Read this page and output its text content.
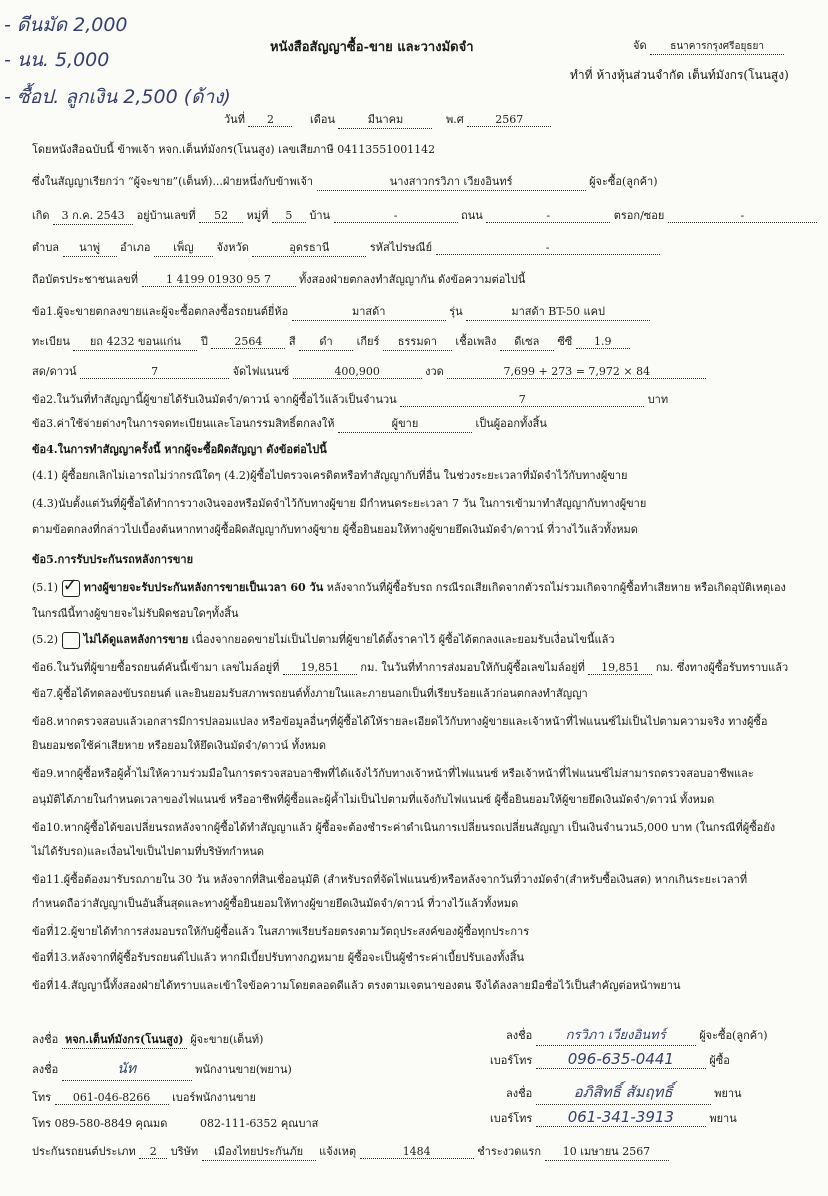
- ดีนมัด 2,000
- นน. 5,000
- ซื้อป. ลูกเงิน 2,500 (ด้าง)
หนังสือสัญญาซื้อ-ขาย และวางมัดจำ	จัด ธนาคารกรุงศรีอยุธยา
ทำที่ ห้างหุ้นส่วนจำกัด เต็นท์มังกร(โนนสูง)
วันที่ 2	เดือน	มีนาคม	พ.ศ	2567
โดยหนังสือฉบับนี้ ข้าพเจ้า หจก.เต็นท์มังกร(โนนสูง) เลขเสียภาษี 04113551001142
ซึ่งในสัญญาเรียกว่า “ผู้จะขาย”(เต็นท์)...ฝ่ายหนึ่งกับข้าพเจ้า	นางสาวกรวิภา เวียงอินทร์	ผู้จะซื้อ(ลูกค้า)
เกิด 3 ก.ค. 2543 อยู่บ้านเลขที่ 52 หมู่ที่ 5 บ้าน	-	ถนน	-	ตรอก/ซอย	-
ตำบล นาพู่ อำเภอ เพ็ญ จังหวัด	อุดรธานี	รหัสไปรษณีย์	-
ถือบัตรประชาชนเลขที่	1 4199 01930 95 7	ทั้งสองฝ่ายตกลงทำสัญญากัน ดังข้อความต่อไปนี้
ข้อ1.ผู้จะขายตกลงขายและผู้จะซื้อตกลงซื้อรถยนต์ยี่ห้อ	มาสด้า	รุ่น	มาสด้า BT-50 แคป
ทะเบียน ยถ 4232 ขอนแก่น ปี 2564 สี ดำ เกียร์ ธรรมดา เชื้อเพลิง ดีเซล ซีซี 1.9
สด/ดาวน์	7	จัดไฟแนนซ์	400,900	งวด	7,699 + 273 = 7,972 × 84
ข้อ2.ในวันที่ทำสัญญานี้ผู้ขายได้รับเงินมัดจำ/ดาวน์ จากผู้ซื้อไว้แล้วเป็นจำนวน	7	บาท
ข้อ3.ค่าใช้จ่ายต่างๆในการจดทะเบียนและโอนกรรมสิทธิ์ตกลงให้	ผู้ขาย	เป็นผู้ออกทั้งสิ้น
ข้อ4.ในการทำสัญญาครั้งนี้ หากผู้จะซื้อผิดสัญญา ดังข้อต่อไปนี้
(4.1) ผู้ซื้อยกเลิกไม่เอารถไม่ว่ากรณีใดๆ (4.2)ผู้ซื้อไปตรวจเครดิตหรือทำสัญญากับที่อื่น ในช่วงระยะเวลาที่มัดจำไว้กับทางผู้ขาย
(4.3)นับตั้งแต่วันที่ผู้ซื้อได้ทำการวางเงินจองหรือมัดจำไว้กับทางผู้ขาย มีกำหนดระยะเวลา 7 วัน ในการเข้ามาทำสัญญากับทางผู้ขาย
ตามข้อตกลงที่กล่าวไปเบื้องต้นหากทางผู้ซื้อผิดสัญญากับทางผู้ขาย ผู้ซื้อยินยอมให้ทางผู้ขายยึดเงินมัดจำ/ดาวน์ ที่วางไว้แล้วทั้งหมด
ข้อ5.การรับประกันรถหลังการขาย
(5.1) ✓ ทางผู้ขายจะรับประกันหลังการขายเป็นเวลา 60 วัน หลังจากวันที่ผู้ซื้อรับรถ กรณีรถเสียเกิดจากตัวรถไม่รวมเกิดจากผู้ซื้อทำเสียหาย หรือเกิดอุบัติเหตุเอง
ในกรณีนี้ทางผู้ขายจะไม่รับผิดชอบใดๆทั้งสิ้น
(5.2) ไม่ได้ดูแลหลังการขาย เนื่องจากยอดขายไม่เป็นไปตามที่ผู้ขายได้ตั้งราคาไว้ ผู้ซื้อได้ตกลงและยอมรับเงื่อนไขนี้แล้ว
ข้อ6.ในวันที่ผู้ขายซื้อรถยนต์คันนี้เข้ามา เลขไมล์อยู่ที่ 19,851 กม. ในวันที่ทำการส่งมอบให้กับผู้ซื้อเลขไมล์อยู่ที่ 19,851 กม. ซึ่งทางผู้ซื้อรับทราบแล้ว
ข้อ7.ผู้ซื้อได้ทดลองขับรถยนต์ และยินยอมรับสภาพรถยนต์ทั้งภายในและภายนอกเป็นที่เรียบร้อยแล้วก่อนตกลงทำสัญญา
ข้อ8.หากตรวจสอบแล้วเอกสารมีการปลอมแปลง หรือข้อมูลอื่นๆที่ผู้ซื้อได้ให้รายละเอียดไว้กับทางผู้ขายและเจ้าหน้าที่ไฟแนนซ์ไม่เป็นไปตามความจริง ทางผู้ซื้อ
ยินยอมชดใช้ค่าเสียหาย หรือยอมให้ยึดเงินมัดจำ/ดาวน์ ทั้งหมด
ข้อ9.หากผู้ซื้อหรือผู้ค้ำไม่ให้ความร่วมมือในการตรวจสอบอาชีพที่ได้แจ้งไว้กับทางเจ้าหน้าที่ไฟแนนซ์ หรือเจ้าหน้าที่ไฟแนนซ์ไม่สามารถตรวจสอบอาชีพและ
อนุมัติได้ภายในกำหนดเวลาของไฟแนนซ์ หรืออาชีพที่ผู้ซื้อและผู้ค้ำไม่เป็นไปตามที่แจ้งกับไฟแนนซ์ ผู้ซื้อยินยอมให้ผู้ขายยึดเงินมัดจำ/ดาวน์ ทั้งหมด
ข้อ10.หากผู้ซื้อได้ขอเปลี่ยนรถหลังจากผู้ซื้อได้ทำสัญญาแล้ว ผู้ซื้อจะต้องชำระค่าดำเนินการเปลี่ยนรถเปลี่ยนสัญญา เป็นเงินจำนวน5,000 บาท (ในกรณีที่ผู้ซื้อยัง
ไม่ได้รับรถ)และเงื่อนไขเป็นไปตามที่บริษัทกำหนด
ข้อ11.ผู้ซื้อต้องมารับรถภายใน 30 วัน หลังจากที่สินเชื่ออนุมัติ (สำหรับรถที่จัดไฟแนนซ์)หรือหลังจากวันที่วางมัดจำ(สำหรับซื้อเงินสด) หากเกินระยะเวลาที่
กำหนดถือว่าสัญญาเป็นอันสิ้นสุดและทางผู้ซื้อยินยอมให้ทางผู้ขายยึดเงินมัดจำ/ดาวน์ ที่วางไว้แล้วทั้งหมด
ข้อที่12.ผู้ขายได้ทำการส่งมอบรถให้กับผู้ซื้อแล้ว ในสภาพเรียบร้อยตรงตามวัตถุประสงค์ของผู้ซื้อทุกประการ
ข้อที่13.หลังจากที่ผู้ซื้อรับรถยนต์ไปแล้ว หากมีเบี้ยปรับทางกฎหมาย ผู้ซื้อจะเป็นผู้ชำระค่าเบี้ยปรับเองทั้งสิ้น
ข้อที่14.สัญญานี้ทั้งสองฝ่ายได้ทราบและเข้าใจข้อความโดยตลอดดีแล้ว ตรงตามเจตนาของตน จึงได้ลงลายมือชื่อไว้เป็นสำคัญต่อหน้าพยาน
ลงชื่อ หจก.เต็นท์มังกร(โนนสูง) ผู้จะขาย(เต็นท์)
ลงชื่อ	นัท	พนักงานขาย(พยาน)
โทร 061-046-8266 เบอร์พนักงานขาย
โทร 089-580-8849 คุณมด	082-111-6352 คุณบาส
ลงชื่อ	กรวิภา เวียงอินทร์	ผู้จะซื้อ(ลูกค้า)
เบอร์โทร 096-635-0441	ผู้ซื้อ
ลงชื่อ	อภิสิทธิ์ สัมฤทธิ์	พยาน
เบอร์โทร 061-341-3913	พยาน
ประกันรถยนต์ประเภท 2 บริษัท เมืองไทยประกันภัย แจ้งเหตุ	1484	ชำระงวดแรก 10 เมษายน 2567
